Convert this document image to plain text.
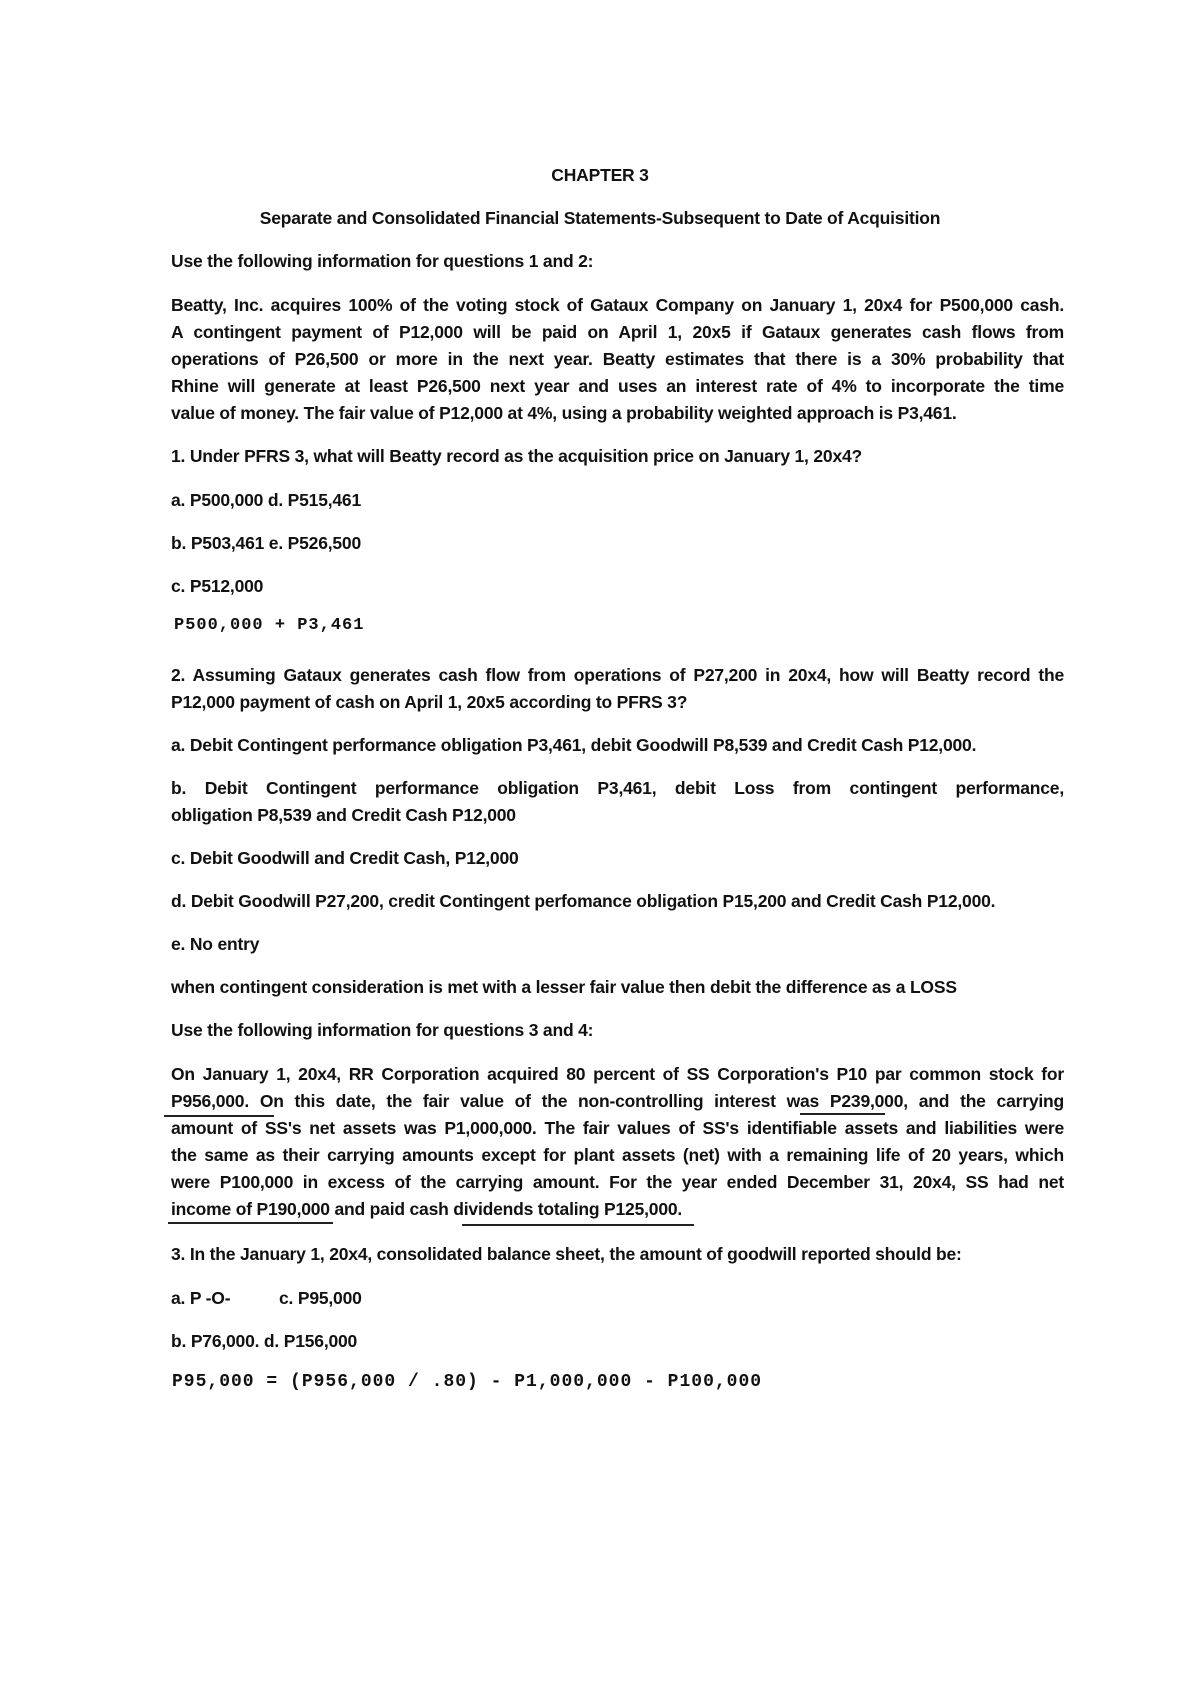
CHAPTER 3
Separate and Consolidated Financial Statements-Subsequent to Date of Acquisition
Use the following information for questions 1 and 2:
Beatty, Inc. acquires 100% of the voting stock of Gataux Company on January 1, 20x4 for P500,000 cash.
A contingent payment of P12,000 will be paid on April 1, 20x5 if Gataux generates cash flows from
operations of P26,500 or more in the next year. Beatty estimates that there is a 30% probability that
Rhine will generate at least P26,500 next year and uses an interest rate of 4% to incorporate the time
value of money. The fair value of P12,000 at 4%, using a probability weighted approach is P3,461.
1. Under PFRS 3, what will Beatty record as the acquisition price on January 1, 20x4?
a. P500,000 d. P515,461
b. P503,461 e. P526,500
c. P512,000
P500,000 + P3,461
2. Assuming Gataux generates cash flow from operations of P27,200 in 20x4, how will Beatty record the
P12,000 payment of cash on April 1, 20x5 according to PFRS 3?
a. Debit Contingent performance obligation P3,461, debit Goodwill P8,539 and Credit Cash P12,000.
b. Debit Contingent performance obligation P3,461, debit Loss from contingent performance,
obligation P8,539 and Credit Cash P12,000
c. Debit Goodwill and Credit Cash, P12,000
d. Debit Goodwill P27,200, credit Contingent perfomance obligation P15,200 and Credit Cash P12,000.
e. No entry
when contingent consideration is met with a lesser fair value then debit the difference as a LOSS
Use the following information for questions 3 and 4:
On January 1, 20x4, RR Corporation acquired 80 percent of SS Corporation's P10 par common stock for
P956,000. On this date, the fair value of the non-controlling interest was P239,000, and the carrying
amount of SS's net assets was P1,000,000. The fair values of SS's identifiable assets and liabilities were
the same as their carrying amounts except for plant assets (net) with a remaining life of 20 years, which
were P100,000 in excess of the carrying amount. For the year ended December 31, 20x4, SS had net
income of P190,000 and paid cash dividends totaling P125,000.
3. In the January 1, 20x4, consolidated balance sheet, the amount of goodwill reported should be:
a. P -O-	c. P95,000
b. P76,000. d. P156,000
P95,000 = (P956,000 / .80) - P1,000,000 - P100,000
